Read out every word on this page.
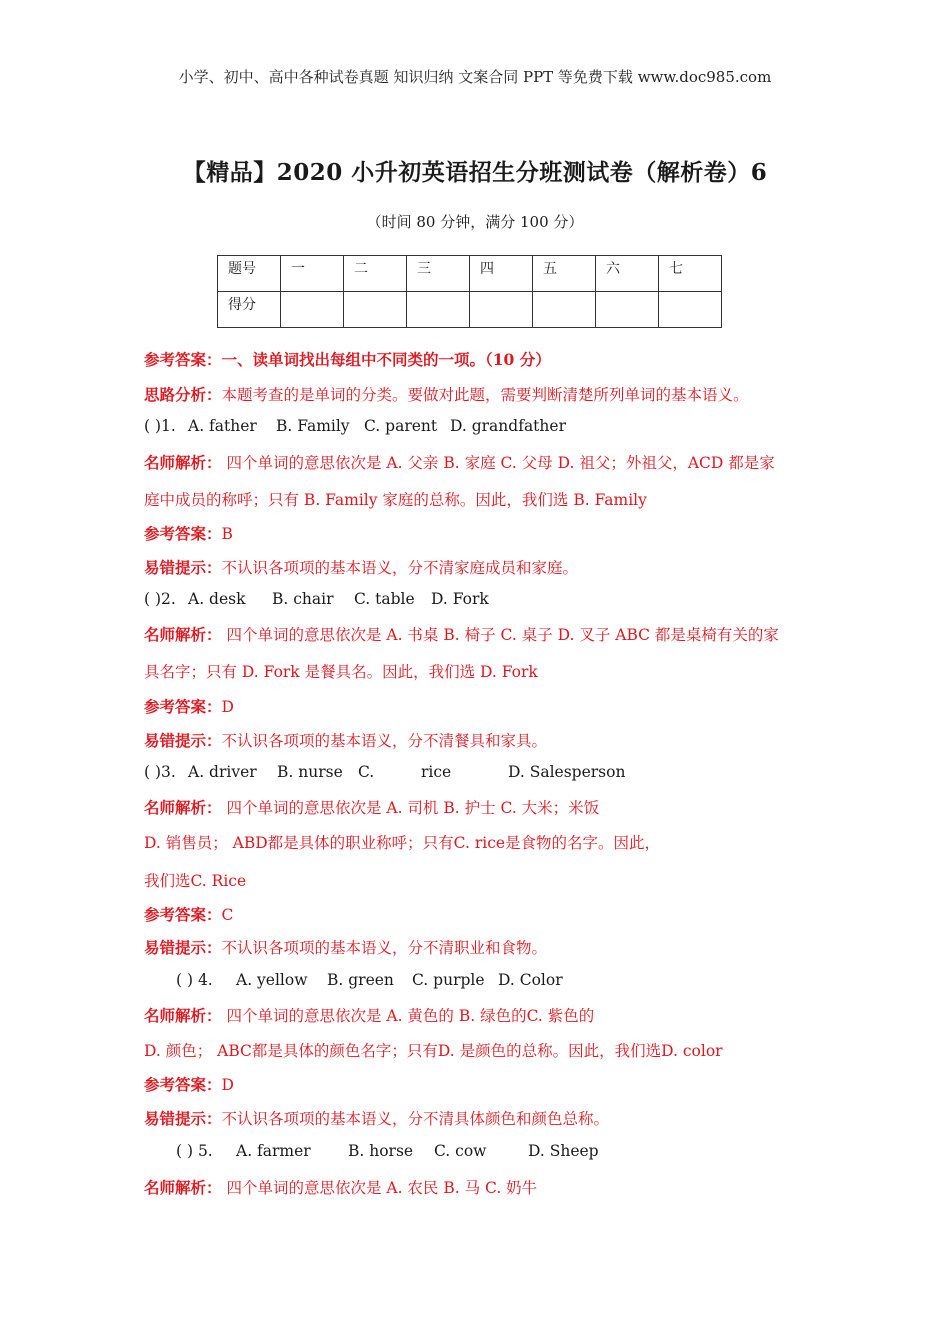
小学、初中、高中各种试卷真题 知识归纳 文案合同 PPT 等免费下载 www.doc985.com
【精品】2020 小升初英语招生分班测试卷（解析卷）6
（时间 80 分钟，满分 100 分）
题号	一	二	三	四	五	六	七
得分							
参考答案：一、读单词找出每组中不同类的一项。（10 分）
思路分析：本题考查的是单词的分类。要做对此题，需要判断清楚所列单词的基本语义。
( )1. A. father B. Family C. parent D. grandfather
名师解析： 四个单词的意思依次是 A. 父亲 B. 家庭 C. 父母 D. 祖父；外祖父，ACD 都是家
庭中成员的称呼；只有 B. Family 家庭的总称。因此，我们选 B. Family
参考答案：B
易错提示：不认识各项项的基本语义，分不清家庭成员和家庭。
( )2. A. desk B. chair C. table D. Fork
名师解析： 四个单词的意思依次是 A. 书桌 B. 椅子 C. 桌子 D. 叉子 ABC 都是桌椅有关的家
具名字；只有 D. Fork 是餐具名。因此，我们选 D. Fork
参考答案：D
易错提示：不认识各项项的基本语义，分不清餐具和家具。
( )3. A. driver B. nurse C.	rice	D. Salesperson
名师解析： 四个单词的意思依次是 A. 司机 B. 护士 C. 大米；米饭
D. 销售员； ABD都是具体的职业称呼；只有C. rice是食物的名字。因此，
我们选C. Rice
参考答案：C
易错提示：不认识各项项的基本语义，分不清职业和食物。
( ) 4. A. yellow B. green C. purple D. Color
名师解析： 四个单词的意思依次是 A. 黄色的 B. 绿色的C. 紫色的
D. 颜色； ABC都是具体的颜色名字；只有D. 是颜色的总称。因此，我们选D. color
参考答案：D
易错提示：不认识各项项的基本语义，分不清具体颜色和颜色总称。
( ) 5. A. farmer B. horse C. cow	D. Sheep
名师解析： 四个单词的意思依次是 A. 农民 B. 马 C. 奶牛
